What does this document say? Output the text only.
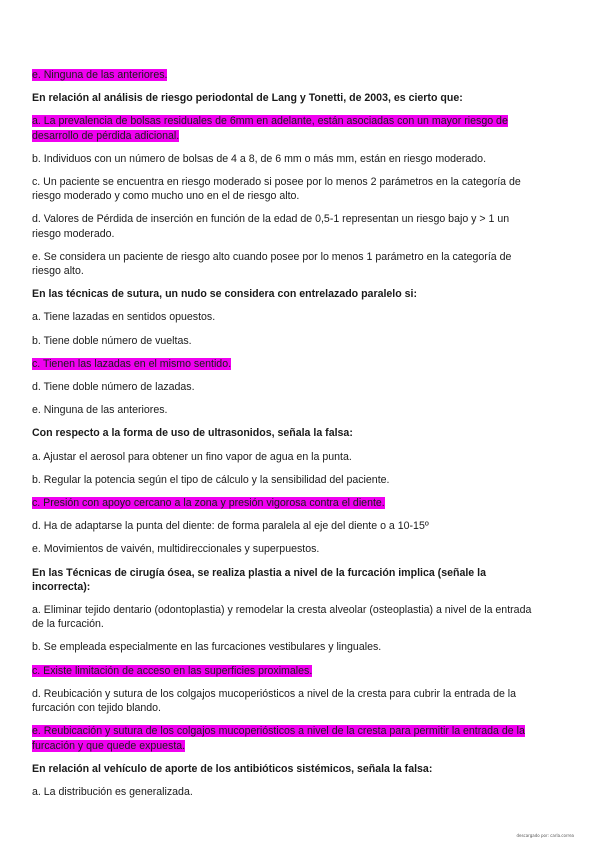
e. Ninguna de las anteriores.

En relación al análisis de riesgo periodontal de Lang y Tonetti, de 2003, es cierto que:

a. La prevalencia de bolsas residuales de 6mm en adelante, están asociadas con un mayor riesgo de desarrollo de pérdida adicional.

b. Individuos con un número de bolsas de 4 a 8, de 6 mm o más mm, están en riesgo moderado.

c. Un paciente se encuentra en riesgo moderado si posee por lo menos 2 parámetros en la categoría de riesgo moderado y como mucho uno en el de riesgo alto.

d. Valores de Pérdida de inserción en función de la edad de 0,5-1 representan un riesgo bajo y > 1 un riesgo moderado.

e. Se considera un paciente de riesgo alto cuando posee por lo menos 1 parámetro en la categoría de riesgo alto.

En las técnicas de sutura, un nudo se considera con entrelazado paralelo si:

a. Tiene lazadas en sentidos opuestos.

b. Tiene doble número de vueltas.

c. Tienen las lazadas en el mismo sentido.

d. Tiene doble número de lazadas.

e. Ninguna de las anteriores.

Con respecto a la forma de uso de ultrasonidos, señala la falsa:

a. Ajustar el aerosol para obtener un fino vapor de agua en la punta.

b. Regular la potencia según el tipo de cálculo y la sensibilidad del paciente.

c. Presión con apoyo cercano a la zona y presión vigorosa contra el diente.

d. Ha de adaptarse la punta del diente: de forma paralela al eje del diente o a 10-15º

e. Movimientos de vaivén, multidireccionales y superpuestos.

En las Técnicas de cirugía ósea, se realiza plastia a nivel de la furcación implica (señale la incorrecta):

a. Eliminar tejido dentario (odontoplastia) y remodelar la cresta alveolar (osteoplastia) a nivel de la entrada de la furcación.

b. Se empleada especialmente en las furcaciones vestibulares y linguales.

c. Existe limitación de acceso en las superficies proximales.

d. Reubicación y sutura de los colgajos mucoperiósticos a nivel de la cresta para cubrir la entrada de la furcación con tejido blando.

e. Reubicación y sutura de los colgajos mucoperiósticos a nivel de la cresta para permitir la entrada de la furcación y que quede expuesta.

En relación al vehículo de aporte de los antibióticos sistémicos, señala la falsa:

a. La distribución es generalizada.

descargado por: carla.correa
